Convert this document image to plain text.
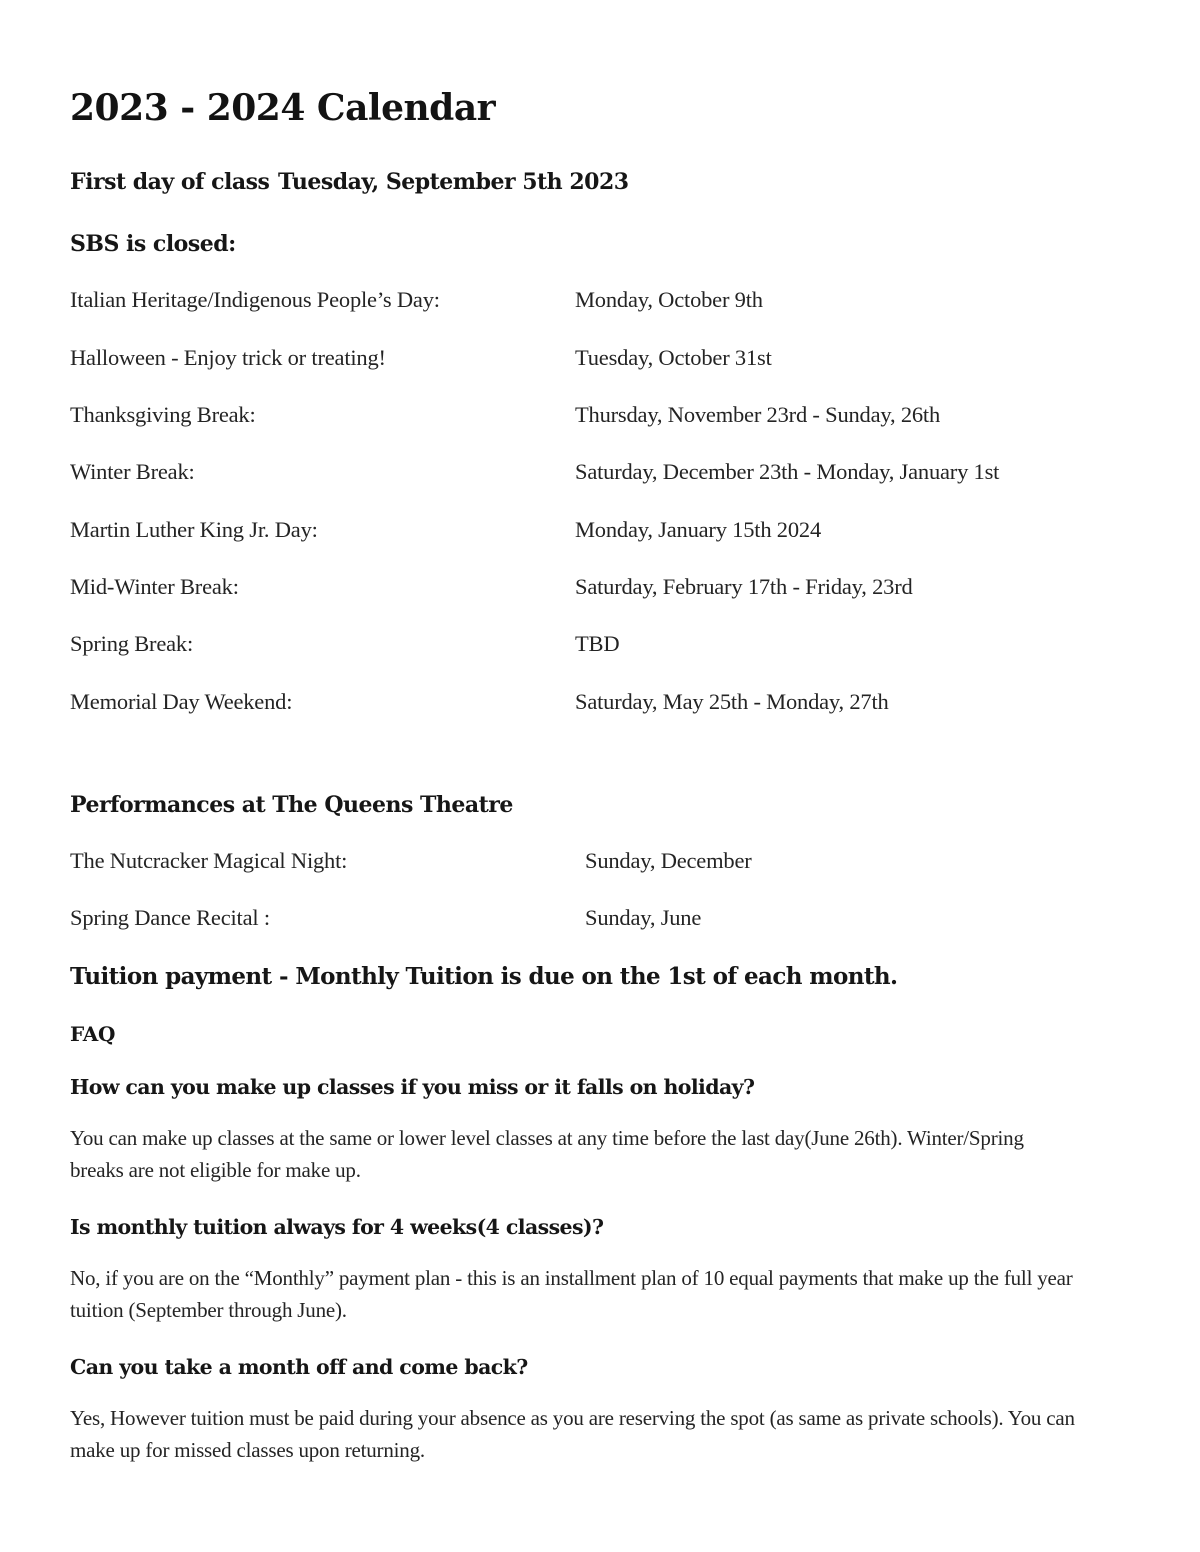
2023 - 2024 Calendar
First day of class Tuesday, September 5th 2023
SBS is closed:
Italian Heritage/Indigenous People’s Day:	Monday, October 9th
Halloween - Enjoy trick or treating!	Tuesday, October 31st
Thanksgiving Break:	Thursday, November 23rd - Sunday, 26th
Winter Break:	Saturday, December 23th - Monday, January 1st
Martin Luther King Jr. Day:	Monday, January 15th 2024
Mid-Winter Break:	Saturday, February 17th - Friday, 23rd
Spring Break:	TBD
Memorial Day Weekend:	Saturday, May 25th - Monday, 27th
Performances at The Queens Theatre
The Nutcracker Magical Night:	Sunday, December
Spring Dance Recital :	Sunday, June

Tuition payment - Monthly Tuition is due on the 1st of each month.

FAQ

How can you make up classes if you miss or it falls on holiday?

You can make up classes at the same or lower level classes at any time before the last day(June 26th). Winter/Spring breaks are not eligible for make up.

Is monthly tuition always for 4 weeks(4 classes)?

No, if you are on the “Monthly” payment plan - this is an installment plan of 10 equal payments that make up the full year tuition (September through June).

Can you take a month off and come back?

Yes, However tuition must be paid during your absence as you are reserving the spot (as same as private schools). You can make up for missed classes upon returning.
